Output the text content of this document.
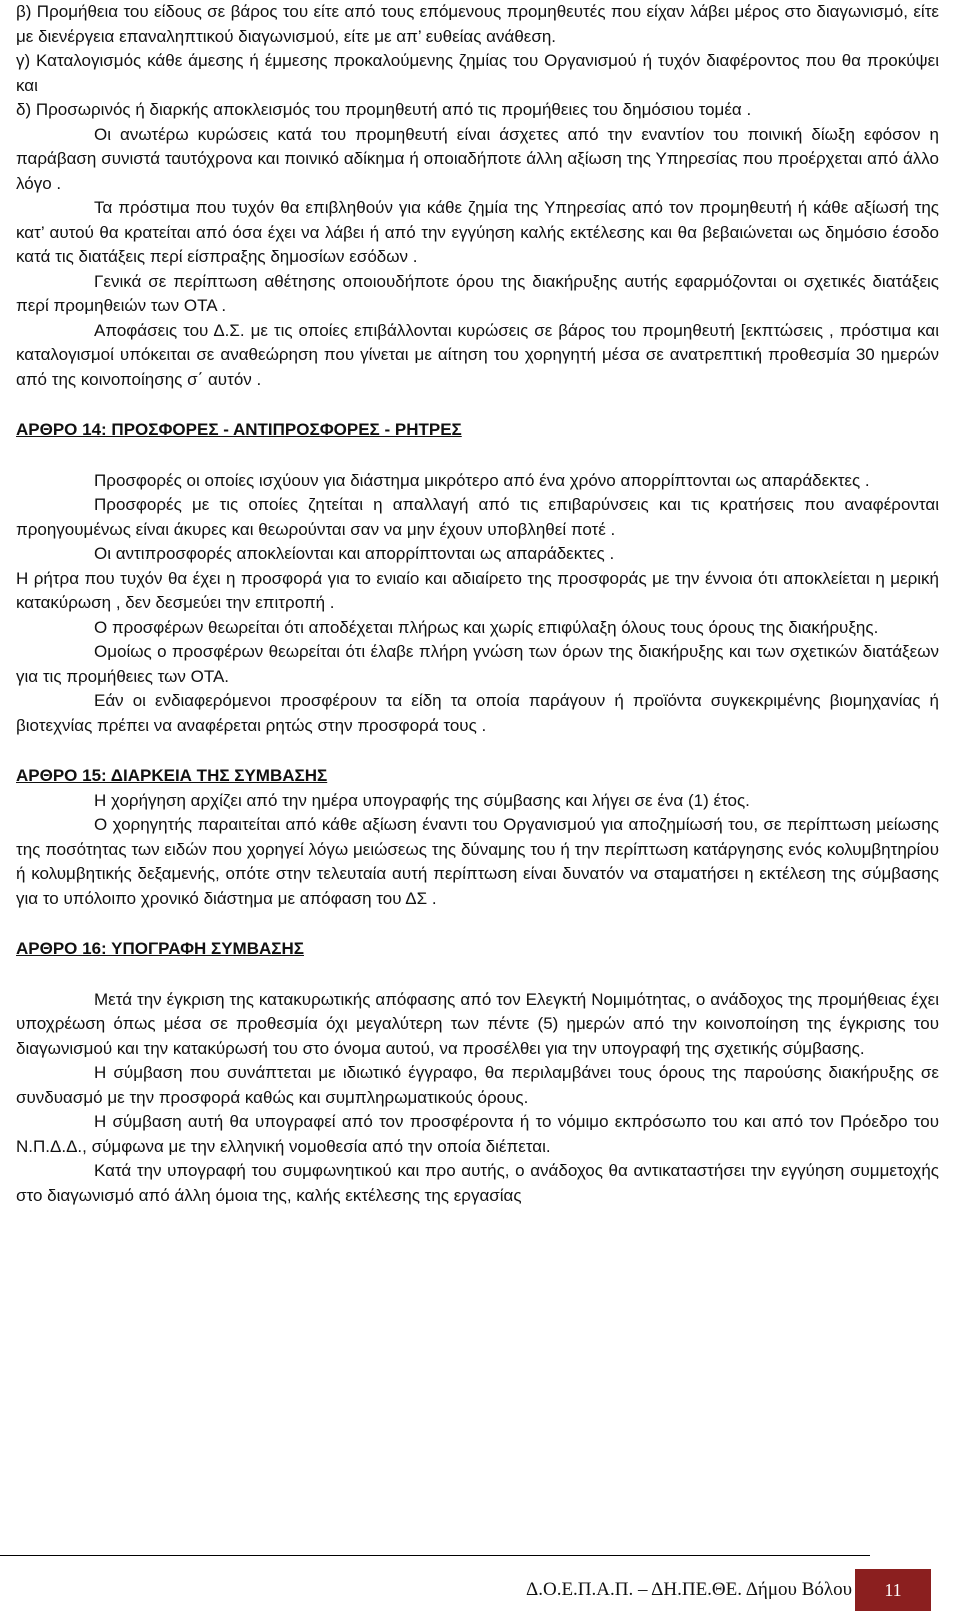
β) Προμήθεια του είδους σε βάρος του είτε από τους επόμενους προμηθευτές που είχαν λάβει μέρος στο διαγωνισμό, είτε με διενέργεια επαναληπτικού διαγωνισμού, είτε με απ’ ευθείας ανάθεση.

γ) Καταλογισμός κάθε άμεσης ή έμμεσης προκαλούμενης ζημίας του Οργανισμού ή τυχόν διαφέροντος που θα προκύψει και

δ) Προσωρινός ή διαρκής αποκλεισμός του προμηθευτή από τις προμήθειες του δημόσιου τομέα .

Οι ανωτέρω κυρώσεις κατά του προμηθευτή είναι άσχετες από την εναντίον του ποινική δίωξη εφόσον η παράβαση συνιστά ταυτόχρονα και ποινικό αδίκημα ή οποιαδήποτε άλλη αξίωση της Υπηρεσίας που προέρχεται από άλλο λόγο .

Τα πρόστιμα που τυχόν θα επιβληθούν για κάθε ζημία της Υπηρεσίας από τον προμηθευτή ή κάθε αξίωσή της κατ’ αυτού θα κρατείται από όσα έχει να λάβει ή από την εγγύηση καλής εκτέλεσης και θα βεβαιώνεται ως δημόσιο έσοδο κατά τις διατάξεις περί είσπραξης δημοσίων εσόδων .

Γενικά σε περίπτωση αθέτησης οποιουδήποτε όρου της διακήρυξης αυτής εφαρμόζονται οι σχετικές διατάξεις περί προμηθειών των ΟΤΑ .

Αποφάσεις του Δ.Σ. με τις οποίες επιβάλλονται κυρώσεις σε βάρος του προμηθευτή [εκπτώσεις , πρόστιμα και καταλογισμοί υπόκειται σε αναθεώρηση που γίνεται με αίτηση του χορηγητή μέσα σε ανατρεπτική προθεσμία 30 ημερών από της κοινοποίησης σ΄ αυτόν .

ΑΡΘΡΟ 14: ΠΡΟΣΦΟΡΕΣ - ΑΝΤΙΠΡΟΣΦΟΡΕΣ - ΡΗΤΡΕΣ

Προσφορές οι οποίες ισχύουν για διάστημα μικρότερο από ένα χρόνο απορρίπτονται ως απαράδεκτες .

Προσφορές με τις οποίες ζητείται η απαλλαγή από τις επιβαρύνσεις και τις κρατήσεις που αναφέρονται προηγουμένως είναι άκυρες και θεωρούνται σαν να μην έχουν υποβληθεί ποτέ .

Οι αντιπροσφορές αποκλείονται και απορρίπτονται ως απαράδεκτες .

Η ρήτρα που τυχόν θα έχει η προσφορά για το ενιαίο και αδιαίρετο της προσφοράς με την έννοια ότι αποκλείεται η μερική κατακύρωση , δεν δεσμεύει την επιτροπή .

Ο προσφέρων θεωρείται ότι αποδέχεται πλήρως και χωρίς επιφύλαξη όλους τους όρους της διακήρυξης.

Ομοίως ο προσφέρων θεωρείται ότι έλαβε πλήρη γνώση των όρων της διακήρυξης και των σχετικών διατάξεων για τις προμήθειες των ΟΤΑ.

Εάν οι ενδιαφερόμενοι προσφέρουν τα είδη τα οποία παράγουν ή προϊόντα συγκεκριμένης βιομηχανίας ή βιοτεχνίας πρέπει να αναφέρεται ρητώς στην προσφορά τους .

ΑΡΘΡΟ 15: ΔΙΑΡΚΕΙΑ ΤΗΣ ΣΥΜΒΑΣΗΣ

Η χορήγηση αρχίζει από την ημέρα υπογραφής της σύμβασης και λήγει σε ένα (1) έτος.

Ο χορηγητής παραιτείται από κάθε αξίωση έναντι του Οργανισμού για αποζημίωσή του, σε περίπτωση μείωσης της ποσότητας των ειδών που χορηγεί λόγω μειώσεως της δύναμης του ή την περίπτωση κατάργησης ενός κολυμβητηρίου ή κολυμβητικής δεξαμενής, οπότε στην τελευταία αυτή περίπτωση είναι δυνατόν να σταματήσει η εκτέλεση της σύμβασης για το υπόλοιπο χρονικό διάστημα με απόφαση του ΔΣ .

ΑΡΘΡΟ 16: ΥΠΟΓΡΑΦΗ ΣΥΜΒΑΣΗΣ

Μετά την έγκριση της κατακυρωτικής απόφασης από τον Ελεγκτή Νομιμότητας, ο ανάδοχος της προμήθειας έχει υποχρέωση όπως μέσα σε προθεσμία όχι μεγαλύτερη των πέντε (5) ημερών από την κοινοποίηση της έγκρισης του διαγωνισμού και την κατακύρωσή του στο όνομα αυτού, να προσέλθει για την υπογραφή της σχετικής σύμβασης.

Η σύμβαση που συνάπτεται με ιδιωτικό έγγραφο, θα περιλαμβάνει τους όρους της παρούσης διακήρυξης σε συνδυασμό με την προσφορά καθώς και συμπληρωματικούς όρους.

Η σύμβαση αυτή θα υπογραφεί από τον προσφέροντα ή το νόμιμο εκπρόσωπο του και από τον Πρόεδρο του Ν.Π.Δ.Δ., σύμφωνα με την ελληνική νομοθεσία από την οποία διέπεται.

Κατά την υπογραφή του συμφωνητικού και προ αυτής, ο ανάδοχος θα αντικαταστήσει την εγγύηση συμμετοχής στο διαγωνισμό από άλλη όμοια της, καλής εκτέλεσης της εργασίας

Δ.Ο.Ε.Π.Α.Π. – ΔΗ.ΠΕ.ΘΕ. Δήμου Βόλου	11
